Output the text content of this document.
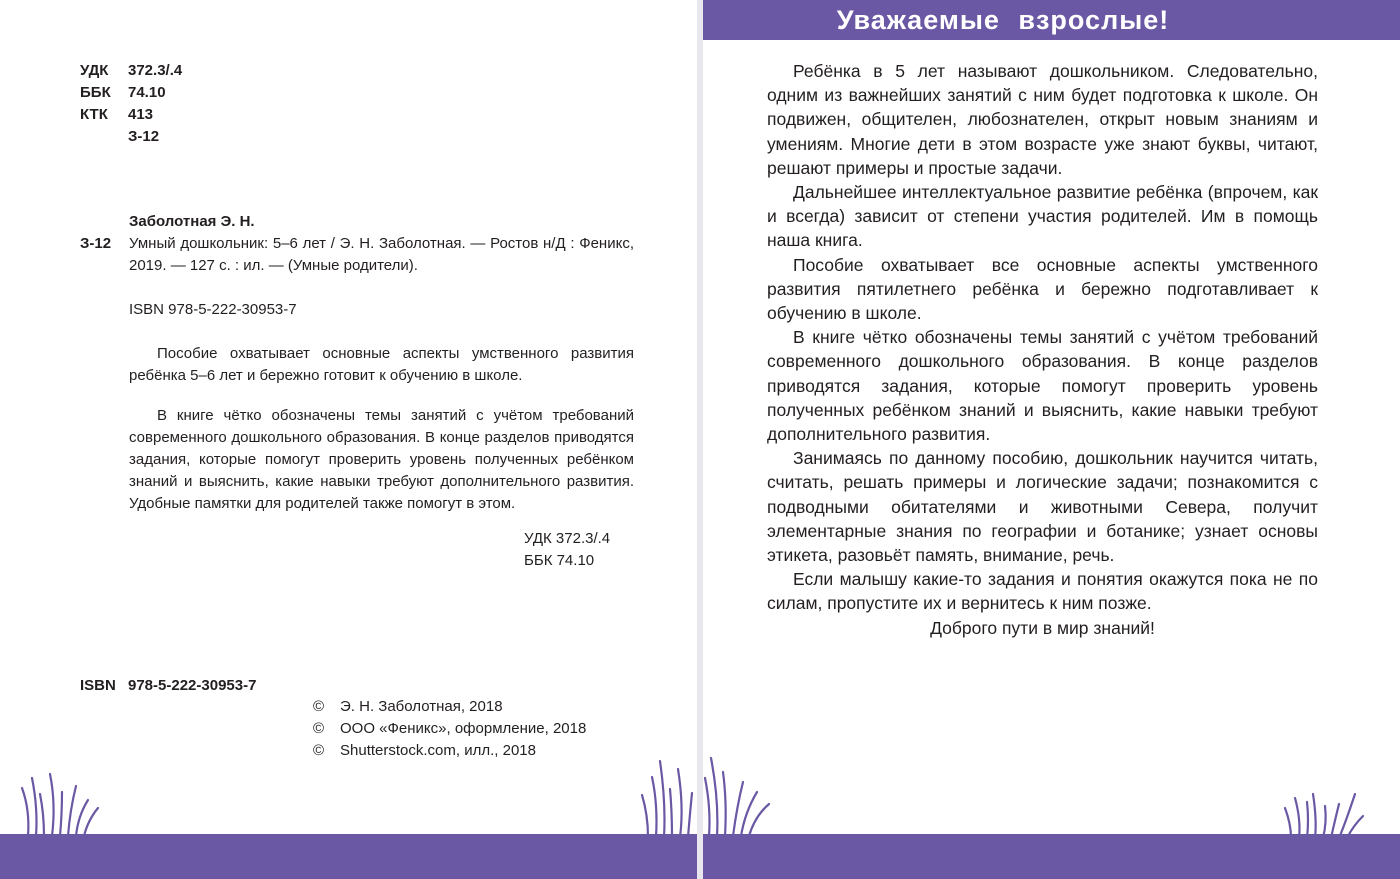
УДК 372.3/.4
ББК 74.10
КТК 413
З-12
Заболотная Э. Н.
З-12 Умный дошкольник: 5–6 лет / Э. Н. Заболотная. — Ростов н/Д : Феникс, 2019. — 127 с. : ил. — (Умные родители).
ISBN 978-5-222-30953-7
Пособие охватывает основные аспекты умственного развития ребёнка 5–6 лет и бережно готовит к обучению в школе.
В книге чётко обозначены темы занятий с учётом требований современного дошкольного образования. В конце разделов приводятся задания, которые помогут проверить уровень полученных ребёнком знаний и выяснить, какие навыки требуют дополнительного развития. Удобные памятки для родителей также помогут в этом.
УДК 372.3/.4
ББК 74.10
ISBN 978-5-222-30953-7
© Э. Н. Заболотная, 2018
© ООО «Феникс», оформление, 2018
© Shutterstock.com, илл., 2018
Уважаемые взрослые!

Ребёнка в 5 лет называют дошкольником. Следовательно, одним из важнейших занятий с ним будет подготовка к школе. Он подвижен, общителен, любознателен, открыт новым знаниям и умениям. Многие дети в этом возрасте уже знают буквы, читают, решают примеры и простые задачи.

Дальнейшее интеллектуальное развитие ребёнка (впрочем, как и всегда) зависит от степени участия родителей. Им в помощь наша книга.

Пособие охватывает все основные аспекты умственного развития пятилетнего ребёнка и бережно подготавливает к обучению в школе.

В книге чётко обозначены темы занятий с учётом требований современного дошкольного образования. В конце разделов приводятся задания, которые помогут проверить уровень полученных ребёнком знаний и выяснить, какие навыки требуют дополнительного развития.

Занимаясь по данному пособию, дошкольник научится читать, считать, решать примеры и логические задачи; познакомится с подводными обитателями и животными Севера, получит элементарные знания по географии и ботанике; узнает основы этикета, разовьёт память, внимание, речь.

Если малышу какие-то задания и понятия окажутся пока не по силам, пропустите их и вернитесь к ним позже.

Доброго пути в мир знаний!
